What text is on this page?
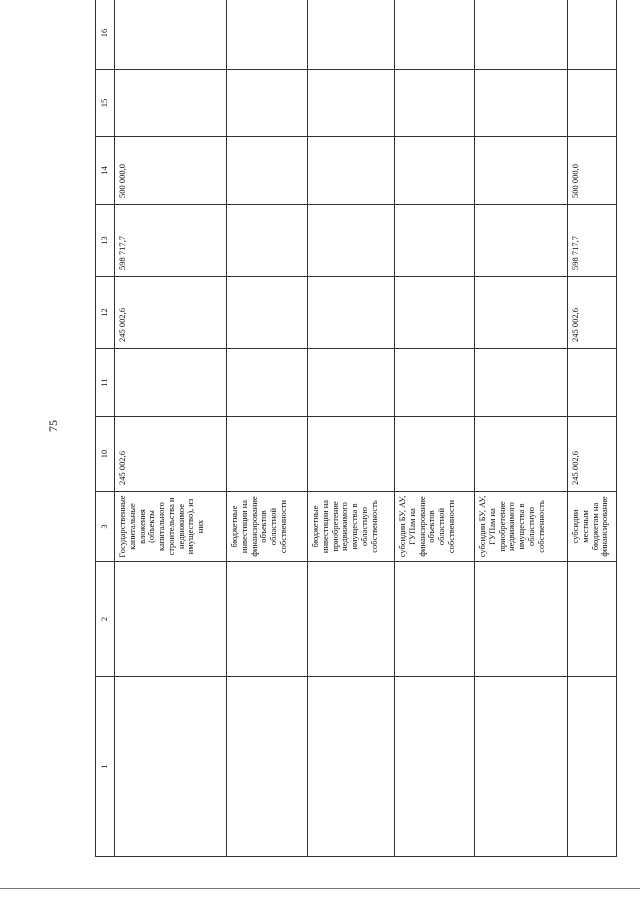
75
1	2	3	10	11	12	13	14	15	16	
		Государственные капитальные вложения (объекты капитального строительства и недвижимое имущество), из них	245 002,6		245 002,6	598 717,7	500 000,0			
		бюджетные инвестиции на финансирование объектов областной собственности								
		бюджетные инвестиции на приобретение недвижимого имущества в областную собственность								
		субсидии БУ, АУ, ГУПам на финансирование объектов областной собственности								
		субсидии БУ, АУ, ГУПам на приобретение недвижимого имущества в областную собственность								
		субсидии местным бюджетам на финансирование	245 002,6		245 002,6	598 717,7	500 000,0			
